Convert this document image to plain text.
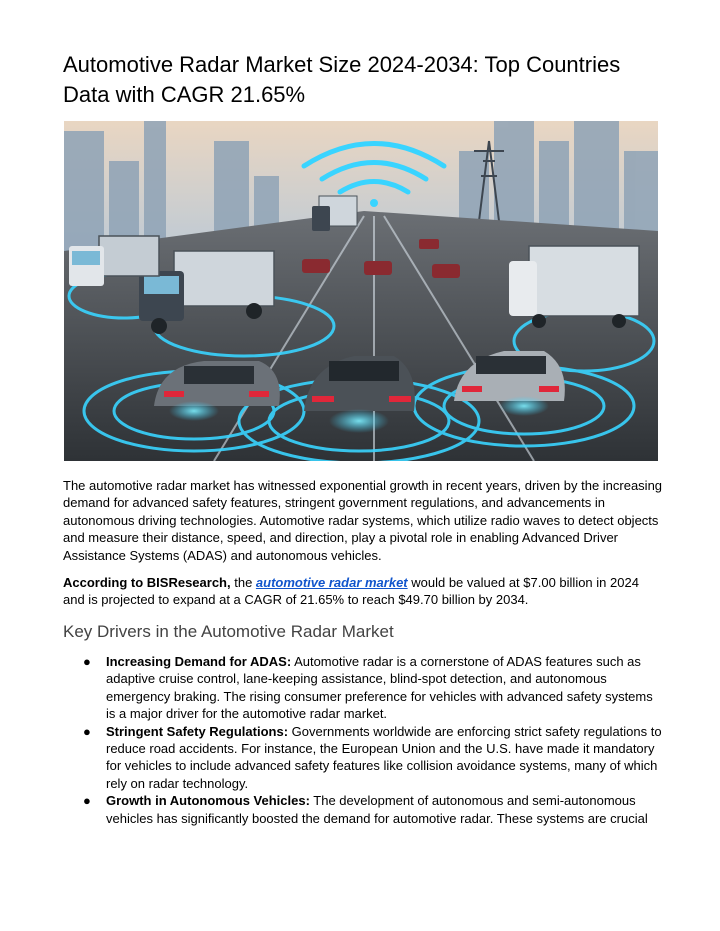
Automotive Radar Market Size 2024-2034: Top Countries Data with CAGR 21.65%

The automotive radar market has witnessed exponential growth in recent years, driven by the increasing demand for advanced safety features, stringent government regulations, and advancements in autonomous driving technologies. Automotive radar systems, which utilize radio waves to detect objects and measure their distance, speed, and direction, play a pivotal role in enabling Advanced Driver Assistance Systems (ADAS) and autonomous vehicles.

According to BISResearch, the automotive radar market would be valued at $7.00 billion in 2024 and is projected to expand at a CAGR of 21.65% to reach $49.70 billion by 2034.

Key Drivers in the Automotive Radar Market
● Increasing Demand for ADAS: Automotive radar is a cornerstone of ADAS features such as adaptive cruise control, lane-keeping assistance, blind-spot detection, and autonomous emergency braking. The rising consumer preference for vehicles with advanced safety systems is a major driver for the automotive radar market.
● Stringent Safety Regulations: Governments worldwide are enforcing strict safety regulations to reduce road accidents. For instance, the European Union and the U.S. have made it mandatory for vehicles to include advanced safety features like collision avoidance systems, many of which rely on radar technology.
● Growth in Autonomous Vehicles: The development of autonomous and semi-autonomous vehicles has significantly boosted the demand for automotive radar. These systems are crucial
